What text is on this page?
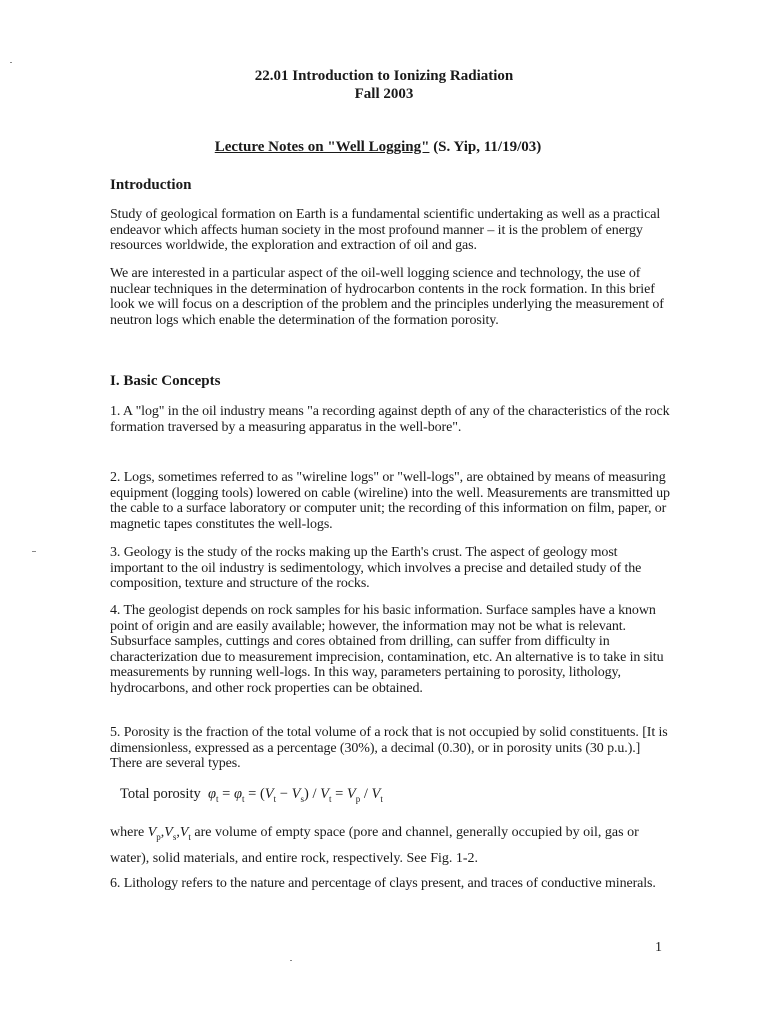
22.01 Introduction to Ionizing Radiation
Fall 2003
Lecture Notes on "Well Logging" (S. Yip, 11/19/03)
Introduction
Study of geological formation on Earth is a fundamental scientific undertaking as well as a practical endeavor which affects human society in the most profound manner – it is the problem of energy resources worldwide, the exploration and extraction of oil and gas.
We are interested in a particular aspect of the oil-well logging science and technology, the use of nuclear techniques in the determination of hydrocarbon contents in the rock formation. In this brief look we will focus on a description of the problem and the principles underlying the measurement of neutron logs which enable the determination of the formation porosity.
I. Basic Concepts
1. A "log" in the oil industry means "a recording against depth of any of the characteristics of the rock formation traversed by a measuring apparatus in the well-bore".
2. Logs, sometimes referred to as "wireline logs" or "well-logs", are obtained by means of measuring equipment (logging tools) lowered on cable (wireline) into the well. Measurements are transmitted up the cable to a surface laboratory or computer unit; the recording of this information on film, paper, or magnetic tapes constitutes the well-logs.
3. Geology is the study of the rocks making up the Earth's crust. The aspect of geology most important to the oil industry is sedimentology, which involves a precise and detailed study of the composition, texture and structure of the rocks.
4. The geologist depends on rock samples for his basic information. Surface samples have a known point of origin and are easily available; however, the information may not be what is relevant. Subsurface samples, cuttings and cores obtained from drilling, can suffer from difficulty in characterization due to measurement imprecision, contamination, etc. An alternative is to take in situ measurements by running well-logs. In this way, parameters pertaining to porosity, lithology, hydrocarbons, and other rock properties can be obtained.
5. Porosity is the fraction of the total volume of a rock that is not occupied by solid constituents. [It is dimensionless, expressed as a percentage (30%), a decimal (0.30), or in porosity units (30 p.u.).] There are several types.
Total porosity $\varphi_t = \varphi_t = (V_t - V_s) / V_t = V_p / V_t$
where $V_p,V_s,V_t$ are volume of empty space (pore and channel, generally occupied by oil, gas or water), solid materials, and entire rock, respectively. See Fig. 1-2.
6. Lithology refers to the nature and percentage of clays present, and traces of conductive minerals.
1
